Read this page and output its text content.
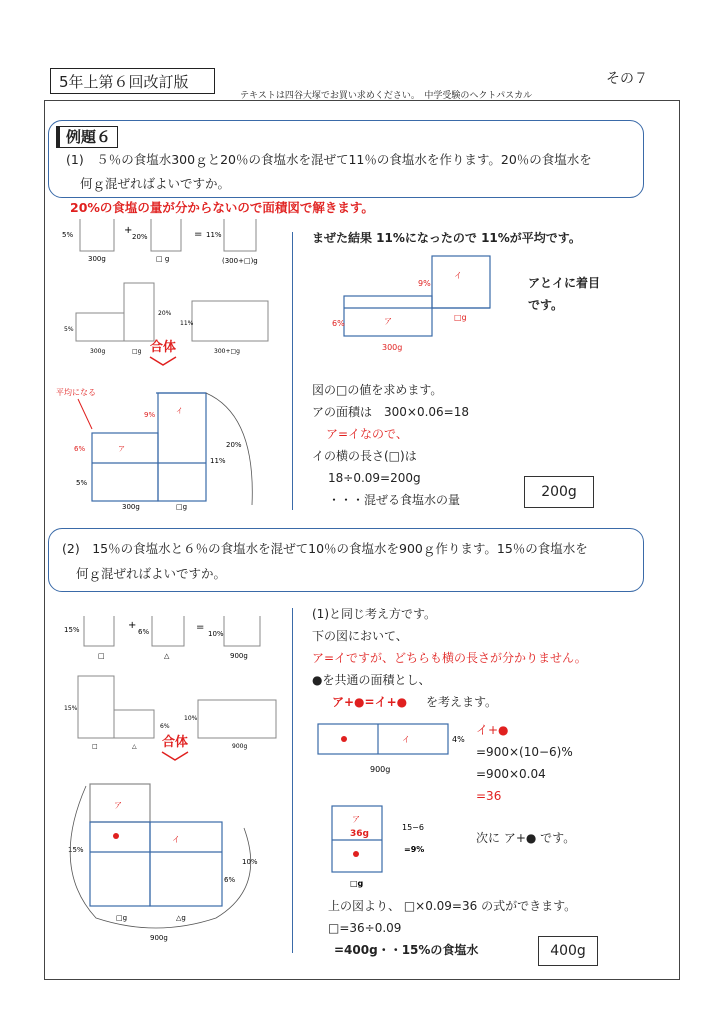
5年上第６回改訂版
テキストは四谷大塚でお買い求めください。　中学受験のヘクトパスカル
その７
例題６
(1)　５％の食塩水300ｇと20％の食塩水を混ぜて11％の食塩水を作ります。20％の食塩水を
何ｇ混ぜればよいですか。
20%の食塩の量が分からないので面積図で解きます。
5%	+
20%	= 11%
300g	□ g	(300+□)g
5%
20%
11%
300g	□g	300+□g
合体
平均になる
6%
9%
5%
20%
11%
ア
イ
300g	□g
まぜた結果 11%になったので 11%が平均です。
6%
9%
ア
イ
300g
□g
アとイに着目
です。
図の□の値を求めます。
アの面積は　300×0.06=18
ア=イなので、
イの横の長さ(□)は
18÷0.09=200g
・・・混ぜる食塩水の量	200g
(2)　15％の食塩水と６％の食塩水を混ぜて10％の食塩水を900ｇ作ります。15％の食塩水を
何ｇ混ぜればよいですか。
15%	+
6%	=
10%
□	△	900g
15%
6%
10%
□	△	900g
合体
ア
イ
15%
10%
6%
□g	△g
900g
(1)と同じ考え方です。
下の図において、
ア=イですが、どちらも横の長さが分かりません。
●を共通の面積とし、
ア+●=イ+● を考えます。
イ	4%
900g
イ+●
=900×(10−6)%
=900×0.04
=36
ア
36g
15−6
=9%
□g
次に ア+● です。
上の図より、 □×0.09=36 の式ができます。
□=36÷0.09
=400g・・15%の食塩水	400g
